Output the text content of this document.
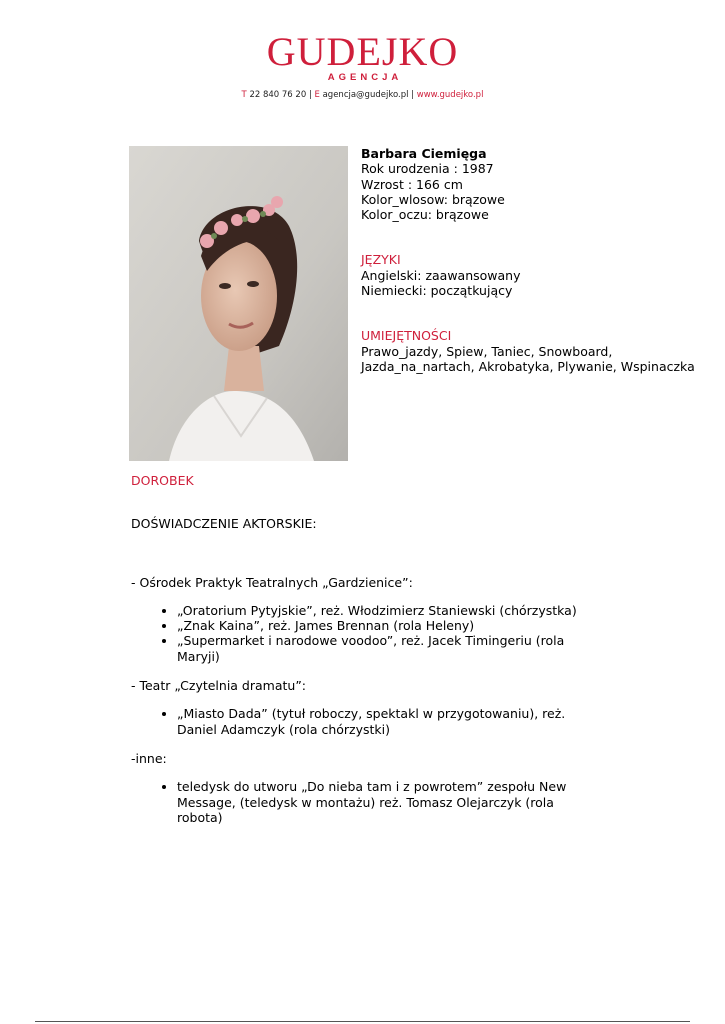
GUDEJKO
AGENCJA
T 22 840 76 20 | E agencja@gudejko.pl | www.gudejko.pl
Barbara Ciemięga
Rok urodzenia : 1987
Wzrost : 166 cm
Kolor_wlosow: brązowe
Kolor_oczu: brązowe
JĘZYKI
Angielski: zaawansowany
Niemiecki: początkujący
UMIEJĘTNOŚCI
Prawo_jazdy, Spiew, Taniec, Snowboard, Jazda_na_nartach, Akrobatyka, Plywanie, Wspinaczka
DOROBEK
DOŚWIADCZENIE AKTORSKIE:
- Ośrodek Praktyk Teatralnych „Gardzienice”:
• „Oratorium Pytyjskie”, reż. Włodzimierz Staniewski (chórzystka)
• „Znak Kaina”, reż. James Brennan (rola Heleny)
• „Supermarket i narodowe voodoo”, reż. Jacek Timingeriu (rola Maryji)
- Teatr „Czytelnia dramatu”:
• „Miasto Dada” (tytuł roboczy, spektakl w przygotowaniu), reż. Daniel Adamczyk (rola chórzystki)
-inne:
• teledysk do utworu „Do nieba tam i z powrotem” zespołu New Message, (teledysk w montażu) reż. Tomasz Olejarczyk (rola robota)
